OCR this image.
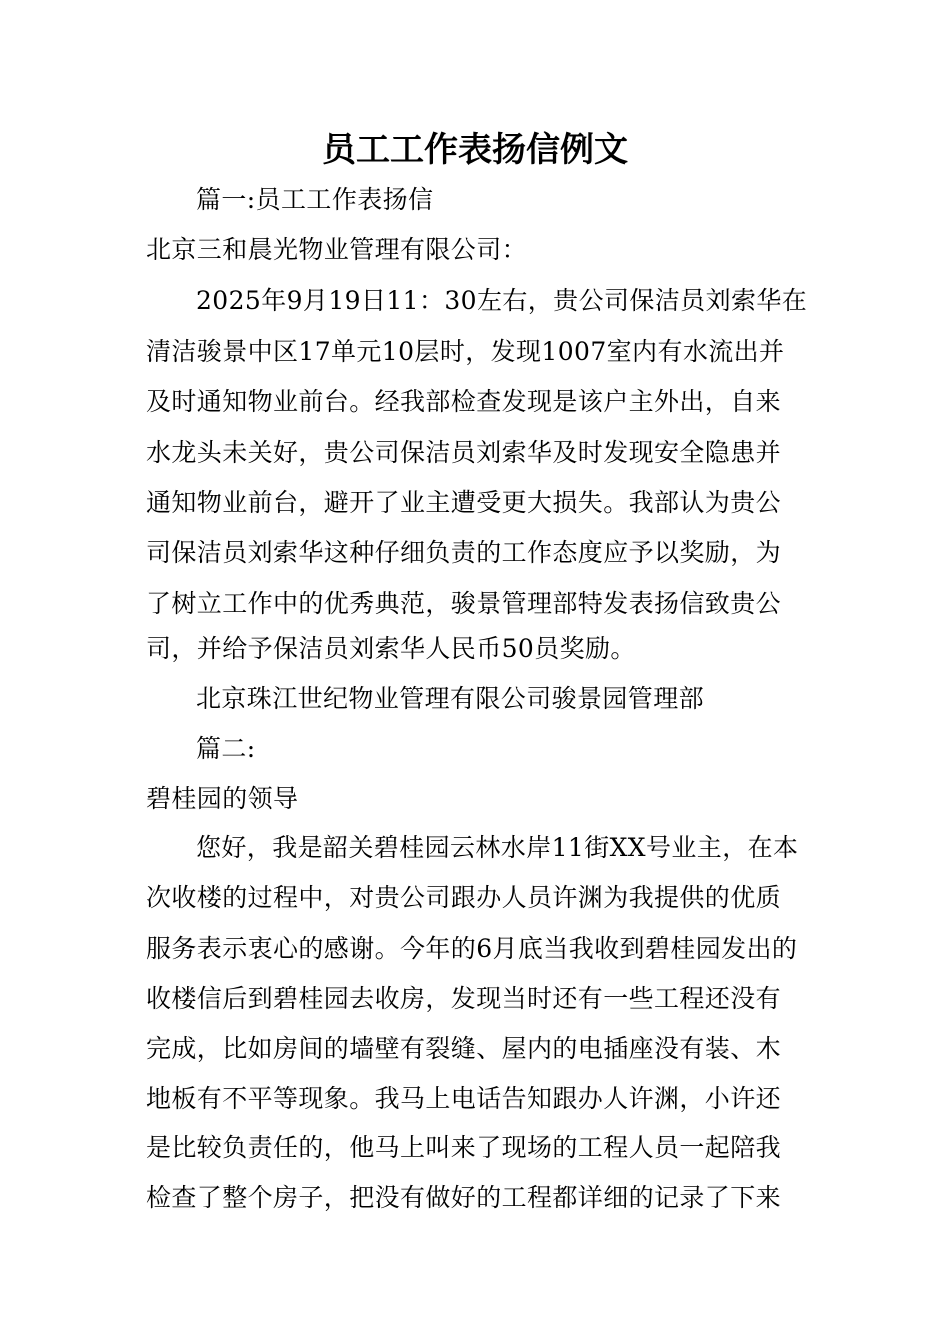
员工工作表扬信例文

篇一:员工工作表扬信

北京三和晨光物业管理有限公司：

2025年9月19日11：30左右，贵公司保洁员刘索华在

清洁骏景中区17单元10层时，发现1007室内有水流出并

及时通知物业前台。经我部检查发现是该户主外出，自来

水龙头未关好，贵公司保洁员刘索华及时发现安全隐患并

通知物业前台，避开了业主遭受更大损失。我部认为贵公

司保洁员刘索华这种仔细负责的工作态度应予以奖励，为

了树立工作中的优秀典范，骏景管理部特发表扬信致贵公

司，并给予保洁员刘索华人民币50员奖励。

北京珠江世纪物业管理有限公司骏景园管理部

篇二:

碧桂园的领导

您好，我是韶关碧桂园云林水岸11街XX号业主，在本

次收楼的过程中，对贵公司跟办人员许渊为我提供的优质

服务表示衷心的感谢。今年的6月底当我收到碧桂园发出的

收楼信后到碧桂园去收房，发现当时还有一些工程还没有

完成，比如房间的墙壁有裂缝、屋内的电插座没有装、木

地板有不平等现象。我马上电话告知跟办人许渊，小许还

是比较负责任的，他马上叫来了现场的工程人员一起陪我

检查了整个房子，把没有做好的工程都详细的记录了下来
